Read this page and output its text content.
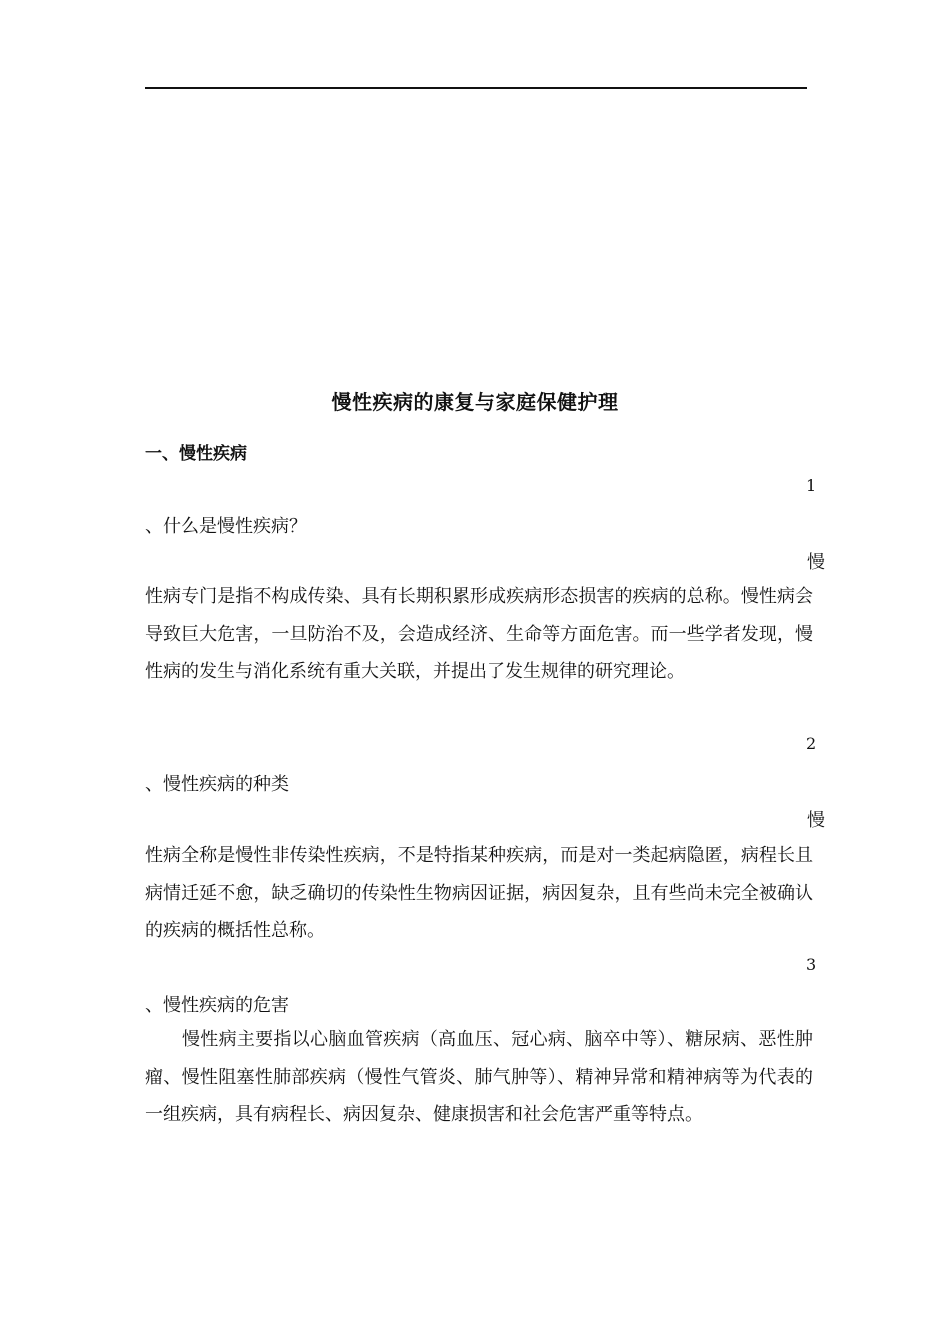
慢性疾病的康复与家庭保健护理
一、慢性疾病
1
、什么是慢性疾病？
慢

性病专门是指不构成传染、具有长期积累形成疾病形态损害的疾病的总称。慢性病会导致巨大危害，一旦防治不及，会造成经济、生命等方面危害。而一些学者发现，慢性病的发生与消化系统有重大关联，并提出了发生规律的研究理论。

2
、慢性疾病的种类
慢

性病全称是慢性非传染性疾病，不是特指某种疾病，而是对一类起病隐匿，病程长且病情迁延不愈，缺乏确切的传染性生物病因证据，病因复杂，且有些尚未完全被确认的疾病的概括性总称。

3
、慢性疾病的危害

慢性病主要指以心脑血管疾病（高血压、冠心病、脑卒中等）、糖尿病、恶性肿瘤、慢性阻塞性肺部疾病（慢性气管炎、肺气肿等）、精神异常和精神病等为代表的一组疾病，具有病程长、病因复杂、健康损害和社会危害严重等特点。
